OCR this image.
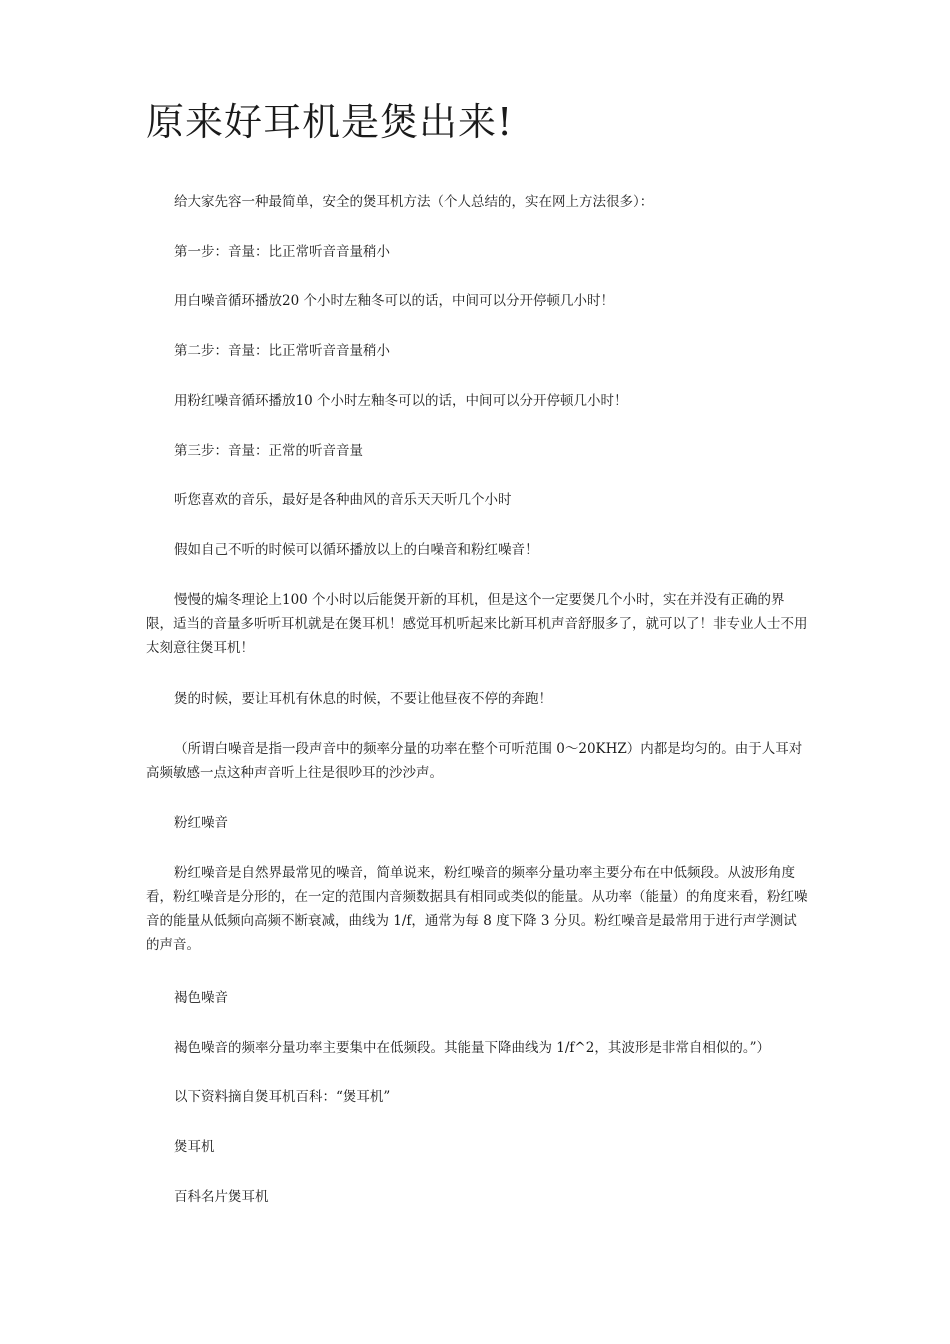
原来好耳机是煲出来!

给大家先容一种最简单，安全的煲耳机方法（个人总结的，实在网上方法很多）：

第一步：音量：比正常听音音量稍小

用白噪音循环播放20 个小时左釉冬可以的话，中间可以分开停顿几小时！

第二步：音量：比正常听音音量稍小

用粉红噪音循环播放10 个小时左釉冬可以的话，中间可以分开停顿几小时！

第三步：音量：正常的听音音量

听您喜欢的音乐，最好是各种曲风的音乐天天听几个小时

假如自己不听的时候可以循环播放以上的白噪音和粉红噪音！

慢慢的煸冬理论上100 个小时以后能煲开新的耳机，但是这个一定要煲几个小时，实在并没有正确的界限，适当的音量多听听耳机就是在煲耳机！感觉耳机听起来比新耳机声音舒服多了，就可以了！非专业人士不用太刻意往煲耳机！

煲的时候，要让耳机有休息的时候，不要让他昼夜不停的奔跑！

（所谓白噪音是指一段声音中的频率分量的功率在整个可听范围 0～20KHZ）内都是均匀的。由于人耳对高频敏感一点这种声音听上往是很吵耳的沙沙声。

粉红噪音

粉红噪音是自然界最常见的噪音，简单说来，粉红噪音的频率分量功率主要分布在中低频段。从波形角度看，粉红噪音是分形的，在一定的范围内音频数据具有相同或类似的能量。从功率（能量）的角度来看，粉红噪音的能量从低频向高频不断衰减，曲线为 1/f，通常为每 8 度下降 3 分贝。粉红噪音是最常用于进行声学测试的声音。

褐色噪音

褐色噪音的频率分量功率主要集中在低频段。其能量下降曲线为 1/f^2，其波形是非常自相似的。”）

以下资料摘自煲耳机百科：“煲耳机”

煲耳机

百科名片煲耳机
